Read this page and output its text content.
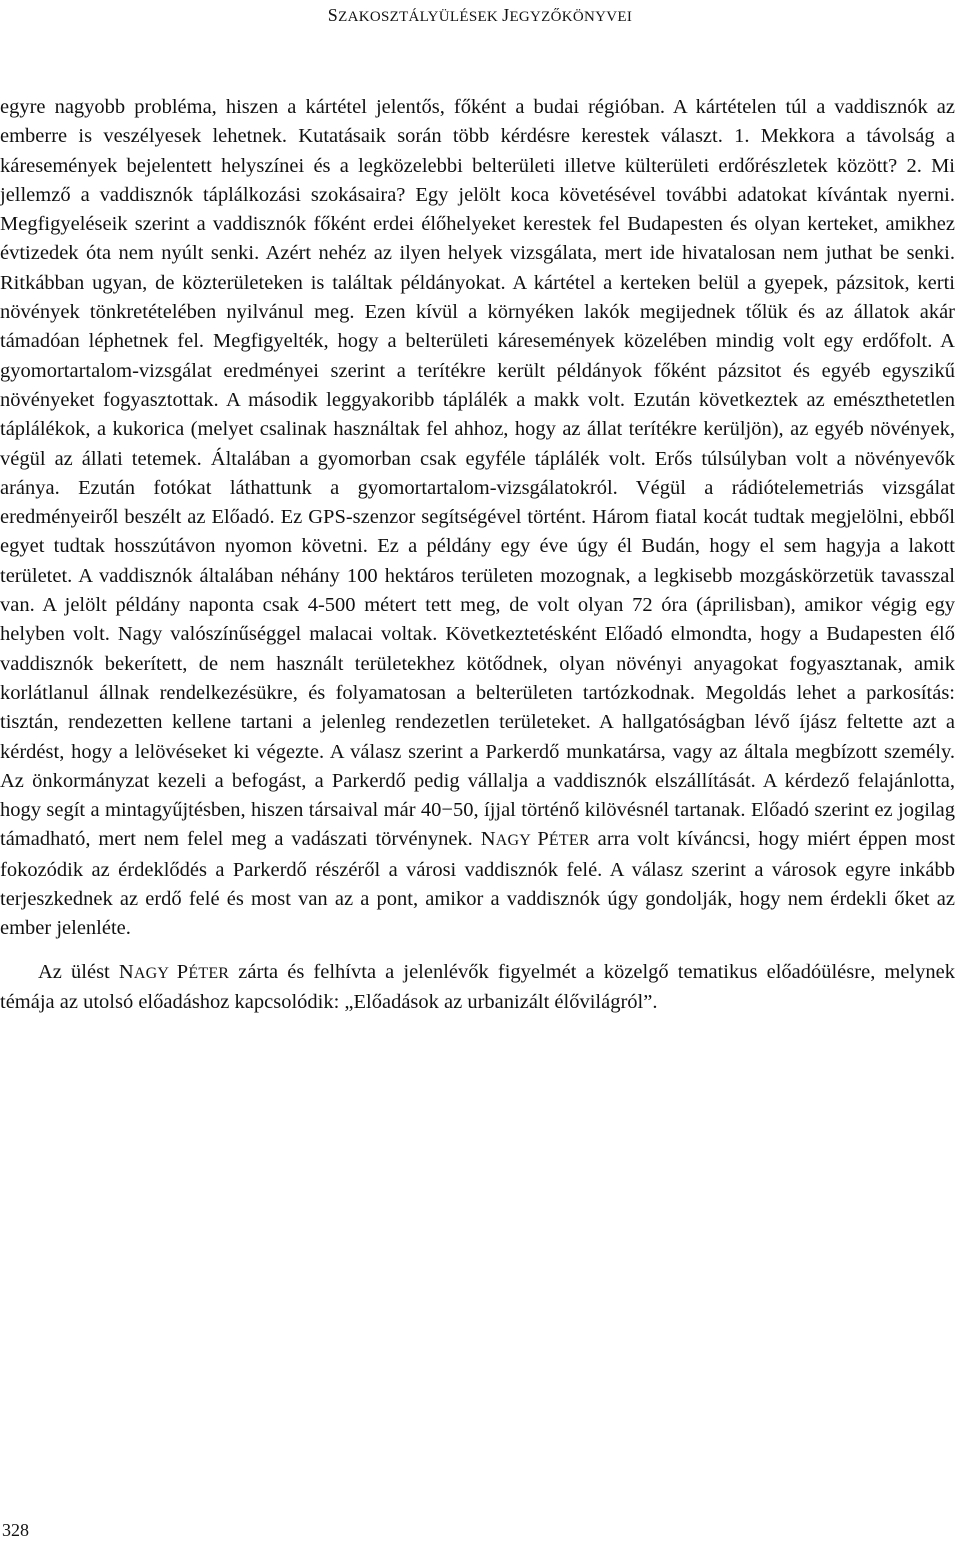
SZAKOSZTÁLYÜLÉSEK JEGYZŐKÖNYVEI

egyre nagyobb probléma, hiszen a kártétel jelentős, főként a budai régióban. A kártételen túl a vaddisznók az emberre is veszélyesek lehetnek. Kutatásaik során több kérdésre kerestek választ. 1. Mekkora a távolság a káresemények bejelentett helyszínei és a legközelebbi belterületi illetve külterületi erdőrészletek között? 2. Mi jellemző a vaddisznók táplálkozási szokásaira? Egy jelölt koca követésével további adatokat kívántak nyerni. Megfigyeléseik szerint a vaddisznók főként erdei élőhelyeket kerestek fel Budapesten és olyan kerteket, amikhez évtizedek óta nem nyúlt senki. Azért nehéz az ilyen helyek vizsgálata, mert ide hivatalosan nem juthat be senki. Ritkábban ugyan, de közterületeken is találtak példányokat. A kártétel a kerteken belül a gyepek, pázsitok, kerti növények tönkretételében nyilvánul meg. Ezen kívül a környéken lakók megijednek tőlük és az állatok akár támadóan léphetnek fel. Megfigyelték, hogy a belterületi káresemények közelében mindig volt egy erdőfolt. A gyomortartalom-vizsgálat eredményei szerint a terítékre került példányok főként pázsitot és egyéb egyszikű növényeket fogyasztottak. A második leggyakoribb táplálék a makk volt. Ezután következtek az emészthetetlen táplálékok, a kukorica (melyet csalinak használtak fel ahhoz, hogy az állat terítékre kerüljön), az egyéb növények, végül az állati tetemek. Általában a gyomorban csak egyféle táplálék volt. Erős túlsúlyban volt a növényevők aránya. Ezután fotókat láthattunk a gyomortartalom-vizsgálatokról. Végül a rádiótelemetriás vizsgálat eredményeiről beszélt az Előadó. Ez GPS-szenzor segítségével történt. Három fiatal kocát tudtak megjelölni, ebből egyet tudtak hosszútávon nyomon követni. Ez a példány egy éve úgy él Budán, hogy el sem hagyja a lakott területet. A vaddisznók általában néhány 100 hektáros területen mozognak, a legkisebb mozgáskörzetük tavasszal van. A jelölt példány naponta csak 4-500 métert tett meg, de volt olyan 72 óra (áprilisban), amikor végig egy helyben volt. Nagy valószínűséggel malacai voltak. Következtetésként Előadó elmondta, hogy a Budapesten élő vaddisznók bekerített, de nem használt területekhez kötődnek, olyan növényi anyagokat fogyasztanak, amik korlátlanul állnak rendelkezésükre, és folyamatosan a belterületen tartózkodnak. Megoldás lehet a parkosítás: tisztán, rendezetten kellene tartani a jelenleg rendezetlen területeket. A hallgatóságban lévő íjász feltette azt a kérdést, hogy a lelövéseket ki végezte. A válasz szerint a Parkerdő munkatársa, vagy az általa megbízott személy. Az önkormányzat kezeli a befogást, a Parkerdő pedig vállalja a vaddisznók elszállítását. A kérdező felajánlotta, hogy segít a mintagyűjtésben, hiszen társaival már 40−50, íjjal történő kilövésnél tartanak. Előadó szerint ez jogilag támadható, mert nem felel meg a vadászati törvénynek. NAGY PÉTER arra volt kíváncsi, hogy miért éppen most fokozódik az érdeklődés a Parkerdő részéről a városi vaddisznók felé. A válasz szerint a városok egyre inkább terjeszkednek az erdő felé és most van az a pont, amikor a vaddisznók úgy gondolják, hogy nem érdekli őket az ember jelenléte.

Az ülést NAGY PÉTER zárta és felhívta a jelenlévők figyelmét a közelgő tematikus előadóülésre, melynek témája az utolsó előadáshoz kapcsolódik: „Előadások az urbanizált élővilágról”.

328
